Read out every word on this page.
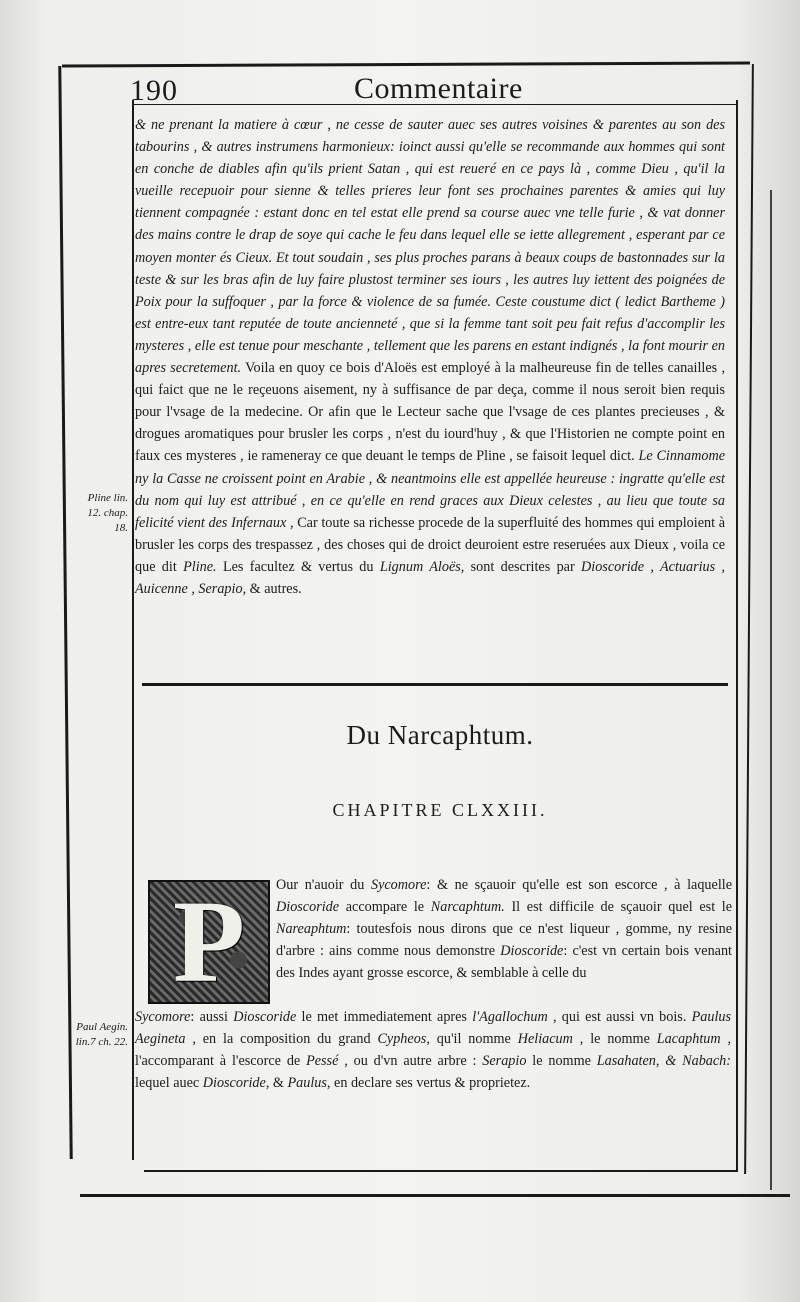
190	Commentaire

& ne prenant la matiere à cœur , ne cesse de sauter auec ses autres voisines & parentes au son des tabourins , & autres instrumens harmonieux: ioinct aussi qu'elle se recommande aux hommes qui sont en conche de diables afin qu'ils prient Satan , qui est reueré en ce pays là , comme Dieu , qu'il la vueille recepuoir pour sienne & telles prieres leur font ses prochaines parentes & amies qui luy tiennent compagnée : estant donc en tel estat elle prend sa course auec vne telle furie , & vat donner des mains contre le drap de soye qui cache le feu dans lequel elle se iette allegrement , esperant par ce moyen monter és Cieux. Et tout soudain , ses plus proches parans à beaux coups de bastonnades sur la teste & sur les bras afin de luy faire plustost terminer ses iours , les autres luy iettent des poignées de Poix pour la suffoquer , par la force & violence de sa fumée. Ceste coustume dict ( ledict Barthemе ) est entre-eux tant reputée de toute ancienneté , que si la femme tant soit peu fait refus d'accomplir les mysteres , elle est tenue pour meschante , tellement que les parens en estant indignés , la font mourir en apres secretement. Voila en quoy ce bois d'Aloës est employé à la malheureuse fin de telles canailles , qui faict que ne le reçeuons aisement, ny à suffisance de par deça, comme il nous seroit bien requis pour l'vsage de la medecine. Or afin que le Lecteur sache que l'vsage de ces plantes precieuses , & drogues aromatiques pour brusler les corps , n'est du iourd'huy , & que l'Historien ne compte point en faux ces mysteres , ie rameneray ce que deuant le temps de Pline , se faisoit lequel dict. Le Cinnamome ny la Casse ne croissent point en Arabie , & neantmoins elle est appellée heureuse : ingratte qu'elle est du nom qui luy est attribué , en ce qu'elle en rend graces aux Dieux celestes , au lieu que toute sa felicité vient des Infernaux , Car toute sa richesse procede de la superfluité des hommes qui emploient à brusler les corps des trespassez , des choses qui de droict deuroient estre reseruées aux Dieux , voila ce que dit Pline. Les facultez & vertus du Lignum Aloës, sont descrites par Dioscoride , Actuarius , Auicenne , Serapio, & autres.

Pline lin. 12. chap. 18.
Du Narcaphtum.
CHAPITRE CLXXIII.
P Our n'auoir du Sycomore: & ne sçauoir qu'elle est son escorce , à laquelle Dioscoride accompare le Narcaphtum. Il est difficile de sçauoir quel est le Nareaphtum: toutesfois nous dirons que ce n'est liqueur , gomme, ny resine d'arbre : ains comme nous demonstre Dioscoride: c'est vn certain bois venant des Indes ayant grosse escorce, & semblable à celle du

Sycomore: aussi Dioscoride le met immediatement apres l'Agallochum , qui est aussi vn bois. Paulus Aegineta , en la composition du grand Cypheos, qu'il nomme Heliacum , le nomme Lacaphtum , l'accomparant à l'escorce de Pessé , ou d'vn autre arbre : Serapio le nomme Lasahaten, & Nabach: lequel auec Dioscoride, & Paulus, en declare ses vertus & proprietez.

Paul Aegin. lin.7 ch. 22.
